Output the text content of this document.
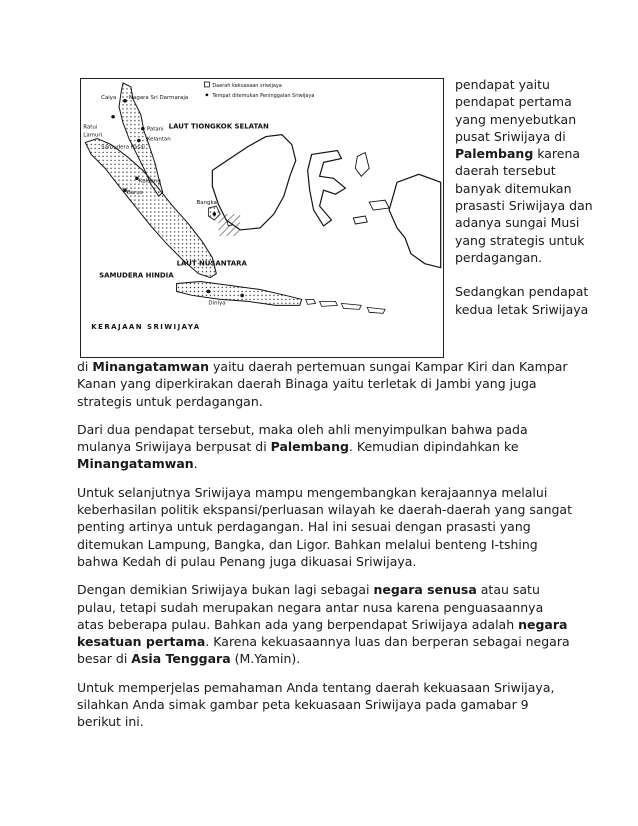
Daerah kekuasaan sriwijaya
Tempat ditemukan Peninggalan Sriwijaya
Caiya Nagara Sri Darmaraja
Patani
Kelantan
Ratui
Lamuri
Samudera Pasai
Kaloang
Barus
Bangka
Dinlya
LAUT TIONGKOK SELATAN
LAUT NUSANTARA
SAMUDERA HINDIA
KERAJAAN SRIWIJAYA

pendapat yaitu pendapat pertama yang menyebutkan pusat Sriwijaya di Palembang karena daerah tersebut banyak ditemukan prasasti Sriwijaya dan adanya sungai Musi yang strategis untuk perdagangan.

Sedangkan pendapat kedua letak Sriwijaya

di Minangatamwan yaitu daerah pertemuan sungai Kampar Kiri dan Kampar Kanan yang diperkirakan daerah Binaga yaitu terletak di Jambi yang juga strategis untuk perdagangan.

Dari dua pendapat tersebut, maka oleh ahli menyimpulkan bahwa pada mulanya Sriwijaya berpusat di Palembang. Kemudian dipindahkan ke Minangatamwan.

Untuk selanjutnya Sriwijaya mampu mengembangkan kerajaannya melalui keberhasilan politik ekspansi/perluasan wilayah ke daerah-daerah yang sangat penting artinya untuk perdagangan. Hal ini sesuai dengan prasasti yang ditemukan Lampung, Bangka, dan Ligor. Bahkan melalui benteng I-tshing bahwa Kedah di pulau Penang juga dikuasai Sriwijaya.

Dengan demikian Sriwijaya bukan lagi sebagai negara senusa atau satu pulau, tetapi sudah merupakan negara antar nusa karena penguasaannya atas beberapa pulau. Bahkan ada yang berpendapat Sriwijaya adalah negara kesatuan pertama. Karena kekuasaannya luas dan berperan sebagai negara besar di Asia Tenggara (M.Yamin).

Untuk memperjelas pemahaman Anda tentang daerah kekuasaan Sriwijaya, silahkan Anda simak gambar peta kekuasaan Sriwijaya pada gamabar 9 berikut ini.
